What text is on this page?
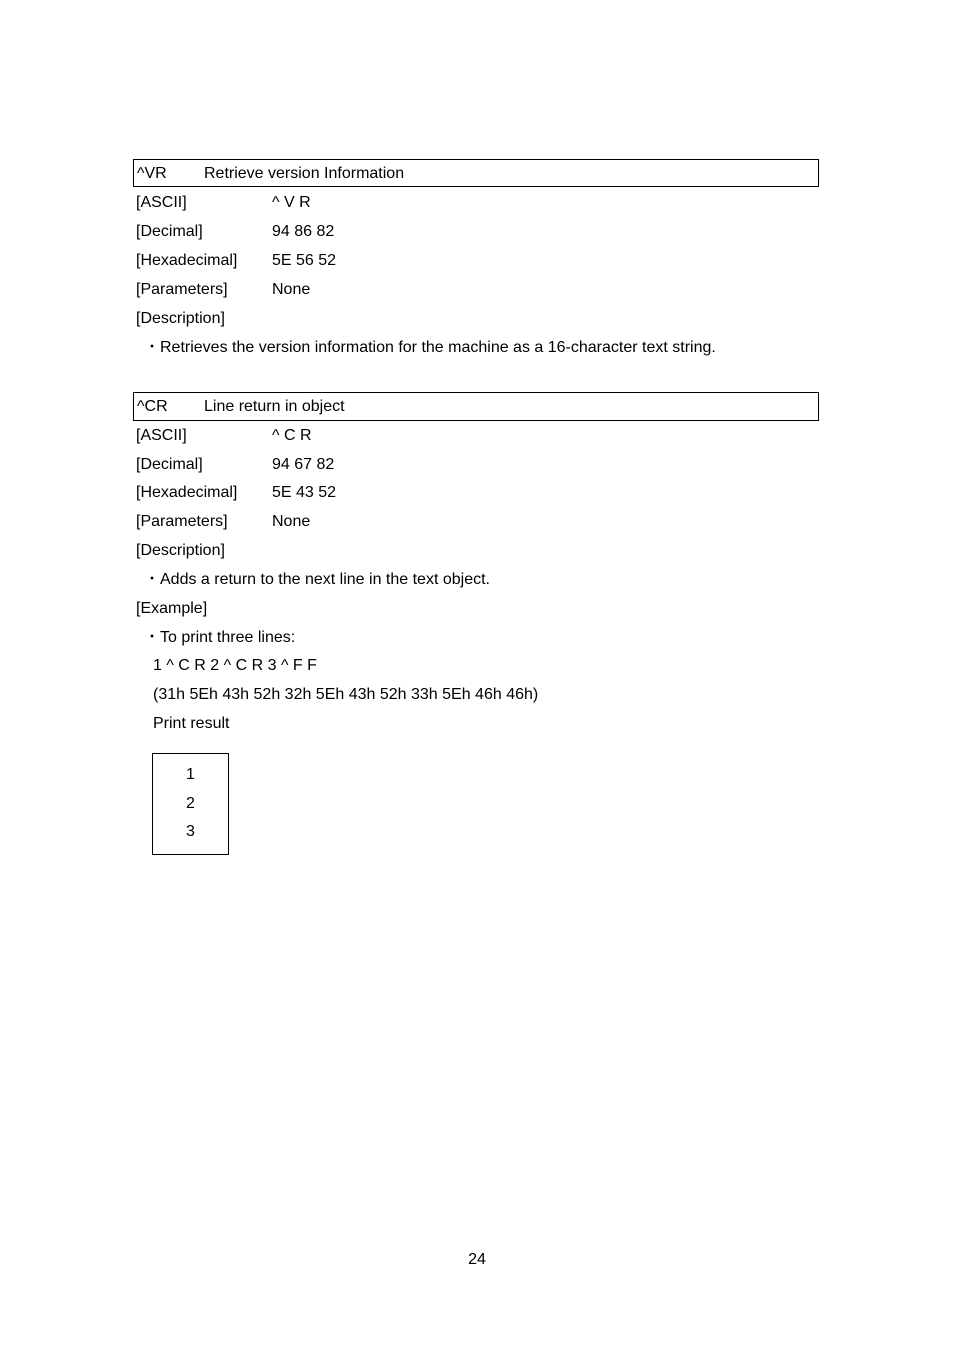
^VR Retrieve version Information
[ASCII]	^ V R
[Decimal]	94 86 82
[Hexadecimal] 5E 56 52
[Parameters]	None
[Description]
・Retrieves the version information for the machine as a 16-character text string.
^CR Line return in object
[ASCII]	^ C R
[Decimal]	94 67 82
[Hexadecimal] 5E 43 52
[Parameters]	None
[Description]
・Adds a return to the next line in the text object.
[Example]
・To print three lines:
1 ^ C R 2 ^ C R 3 ^ F F
(31h 5Eh 43h 52h 32h 5Eh 43h 52h 33h 5Eh 46h 46h)
Print result
1
2
3
24
